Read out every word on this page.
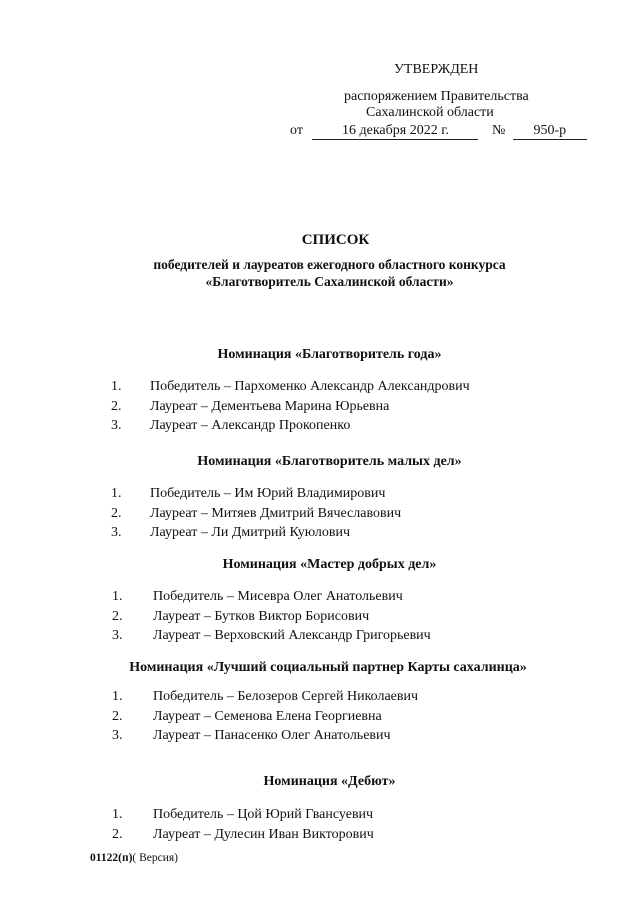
УТВЕРЖДЕН
распоряжением Правительства
Сахалинской области
от	16 декабря 2022 г.	№ 950-р
СПИСОК
победителей и лауреатов ежегодного областного конкурса
«Благотворитель Сахалинской области»
Номинация «Благотворитель года»
1. Победитель – Пархоменко Александр Александрович
2. Лауреат – Дементьева Марина Юрьевна
3. Лауреат – Александр Прокопенко
Номинация «Благотворитель малых дел»
1. Победитель – Им Юрий Владимирович
2. Лауреат – Митяев Дмитрий Вячеславович
3. Лауреат – Ли Дмитрий Куюлович
Номинация «Мастер добрых дел»
1. Победитель – Мисевра Олег Анатольевич
2. Лауреат – Бутков Виктор Борисович
3. Лауреат – Верховский Александр Григорьевич
Номинация «Лучший социальный партнер Карты сахалинца»
1. Победитель – Белозеров Сергей Николаевич
2. Лауреат – Семенова Елена Георгиевна
3. Лауреат – Панасенко Олег Анатольевич
Номинация «Дебют»
1. Победитель – Цой Юрий Гвансуевич
2. Лауреат – Дулесин Иван Викторович
01122(п)( Версия)
